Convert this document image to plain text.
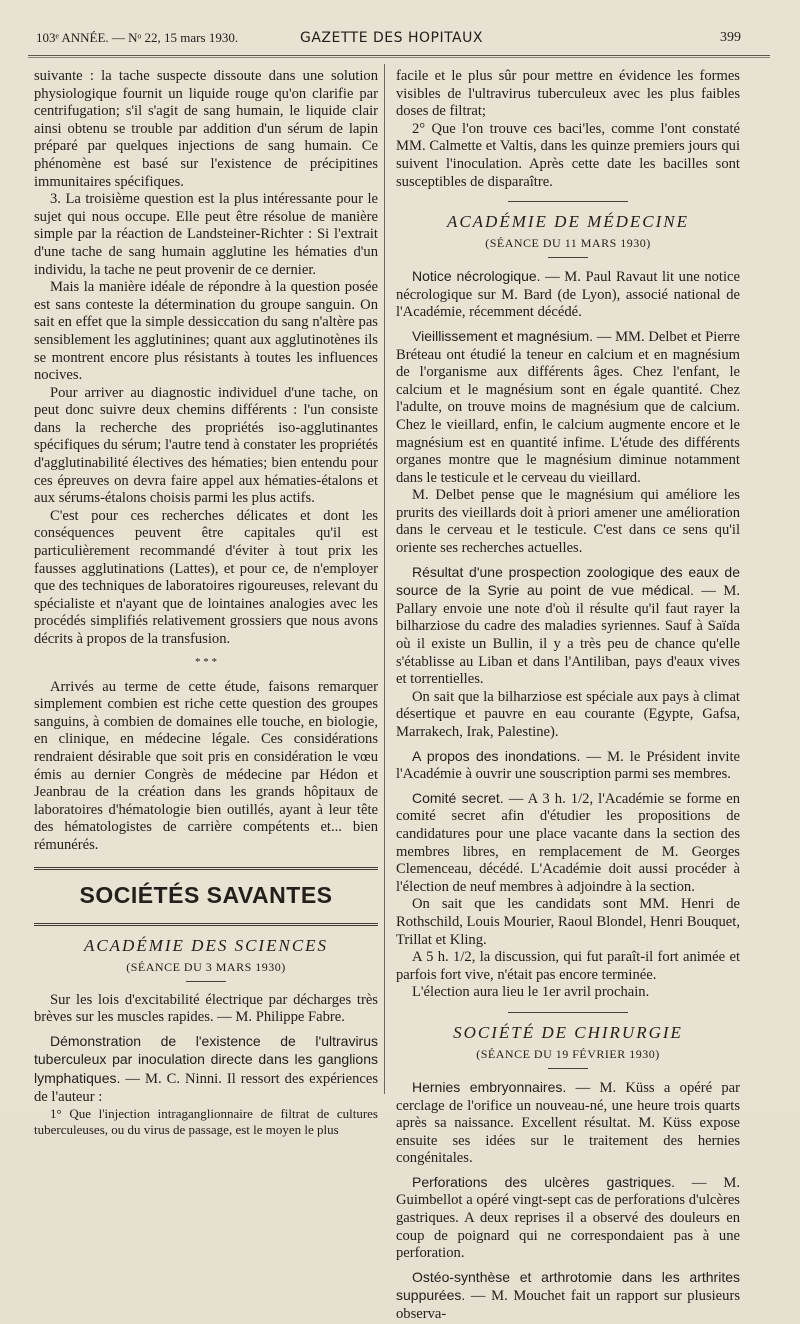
103ᵉ ANNÉE. — Nᵒ 22, 15 mars 1930.	GAZETTE DES HOPITAUX	399

suivante : la tache suspecte dissoute dans une solution physiologique fournit un liquide rouge qu'on clarifie par centrifugation; s'il s'agit de sang humain, le liquide clair ainsi obtenu se trouble par addition d'un sérum de lapin préparé par quelques injections de sang humain. Ce phénomène est basé sur l'existence de précipitines immunitaires spécifiques.

3. La troisième question est la plus intéressante pour le sujet qui nous occupe. Elle peut être résolue de manière simple par la réaction de Landsteiner-Richter : Si l'extrait d'une tache de sang humain agglutine les hématies d'un individu, la tache ne peut provenir de ce dernier.

Mais la manière idéale de répondre à la question posée est sans conteste la détermination du groupe sanguin. On sait en effet que la simple dessiccation du sang n'altère pas sensiblement les agglutinines; quant aux agglutinotènes ils se montrent encore plus résistants à toutes les influences nocives.

Pour arriver au diagnostic individuel d'une tache, on peut donc suivre deux chemins différents : l'un consiste dans la recherche des propriétés iso-agglutinantes spécifiques du sérum; l'autre tend à constater les propriétés d'agglutinabilité électives des hématies; bien entendu pour ces épreuves on devra faire appel aux hématies-étalons et aux sérums-étalons choisis parmi les plus actifs.

C'est pour ces recherches délicates et dont les conséquences peuvent être capitales qu'il est particulièrement recommandé d'éviter à tout prix les fausses agglutinations (Lattes), et pour ce, de n'employer que des techniques de laboratoires rigoureuses, relevant du spécialiste et n'ayant que de lointaines analogies avec les procédés simplifiés relativement grossiers que nous avons décrits à propos de la transfusion.

* * *

Arrivés au terme de cette étude, faisons remarquer simplement combien est riche cette question des groupes sanguins, à combien de domaines elle touche, en biologie, en clinique, en médecine légale. Ces considérations rendraient désirable que soit pris en considération le vœu émis au dernier Congrès de médecine par Hédon et Jeanbrau de la création dans les grands hôpitaux de laboratoires d'hématologie bien outillés, ayant à leur tête des hématologistes de carrière compétents et... bien rémunérés.

SOCIÉTÉS SAVANTES
ACADÉMIE DES SCIENCES
(SÉANCE DU 3 MARS 1930)

Sur les lois d'excitabilité électrique par décharges très brèves sur les muscles rapides. — M. Philippe Fabre.

Démonstration de l'existence de l'ultravirus tuberculeux par inoculation directe dans les ganglions lymphatiques. — M. C. Ninni. Il ressort des expériences de l'auteur :

1° Que l'injection intraganglionnaire de filtrat de cultures tuberculeuses, ou du virus de passage, est le moyen le plus

facile et le plus sûr pour mettre en évidence les formes visibles de l'ultravirus tuberculeux avec les plus faibles doses de filtrat;

2° Que l'on trouve ces baci'les, comme l'ont constaté MM. Calmette et Valtis, dans les quinze premiers jours qui suivent l'inoculation. Après cette date les bacilles sont susceptibles de disparaître.

ACADÉMIE DE MÉDECINE
(SÉANCE DU 11 MARS 1930)

Notice nécrologique. — M. Paul Ravaut lit une notice nécrologique sur M. Bard (de Lyon), associé national de l'Académie, récemment décédé.

Vieillissement et magnésium. — MM. Delbet et Pierre Bréteau ont étudié la teneur en calcium et en magnésium de l'organisme aux différents âges. Chez l'enfant, le calcium et le magnésium sont en égale quantité. Chez l'adulte, on trouve moins de magnésium que de calcium. Chez le vieillard, enfin, le calcium augmente encore et le magnésium est en quantité infime. L'étude des différents organes montre que le magnésium diminue notamment dans le testicule et le cerveau du vieillard.

M. Delbet pense que le magnésium qui améliore les prurits des vieillards doit à priori amener une amélioration dans le cerveau et le testicule. C'est dans ce sens qu'il oriente ses recherches actuelles.

Résultat d'une prospection zoologique des eaux de source de la Syrie au point de vue médical. — M. Pallary envoie une note d'où il résulte qu'il faut rayer la bilharziose du cadre des maladies syriennes. Sauf à Saïda où il existe un Bullin, il y a très peu de chance qu'elle s'établisse au Liban et dans l'Antiliban, pays d'eaux vives et torrentielles.

On sait que la bilharziose est spéciale aux pays à climat désertique et pauvre en eau courante (Egypte, Gafsa, Marrakech, Irak, Palestine).

A propos des inondations. — M. le Président invite l'Académie à ouvrir une souscription parmi ses membres.

Comité secret. — A 3 h. 1/2, l'Académie se forme en comité secret afin d'étudier les propositions de candidatures pour une place vacante dans la section des membres libres, en remplacement de M. Georges Clemenceau, décédé. L'Académie doit aussi procéder à l'élection de neuf membres à adjoindre à la section.

On sait que les candidats sont MM. Henri de Rothschild, Louis Mourier, Raoul Blondel, Henri Bouquet, Trillat et Kling.

A 5 h. 1/2, la discussion, qui fut paraît-il fort animée et parfois fort vive, n'était pas encore terminée.

L'élection aura lieu le 1er avril prochain.

SOCIÉTÉ DE CHIRURGIE
(SÉANCE DU 19 FÉVRIER 1930)

Hernies embryonnaires. — M. Küss a opéré par cerclage de l'orifice un nouveau-né, une heure trois quarts après sa naissance. Excellent résultat. M. Küss expose ensuite ses idées sur le traitement des hernies congénitales.

Perforations des ulcères gastriques. — M. Guimbellot a opéré vingt-sept cas de perforations d'ulcères gastriques. A deux reprises il a observé des douleurs en coup de poignard qui ne correspondaient pas à une perforation.

Ostéo-synthèse et arthrotomie dans les arthrites suppurées. — M. Mouchet fait un rapport sur plusieurs observa-
